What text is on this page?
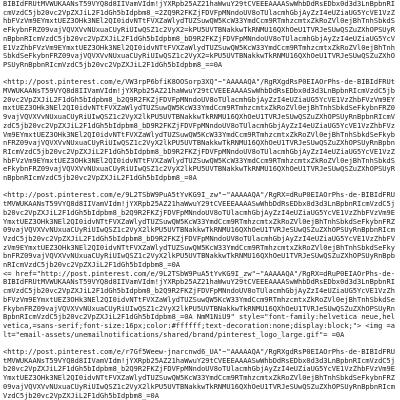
BIBIdFRUtMVWUKAANsT59VYQ8d8IIVamVIdm!jYXRpb25AZ21haWwuY29tCVEEEAAAASwWhbDdRsEDbx0d3d3LnBpbnRIcmVzdC5jb20vc2VpZXJiL2F1dGh5bIdpbm8_=2ZQ9R2FKZjFDVFpMNndoUV8oTUlacmhGbjAyZzI4eUZiaUG5YcVE1VzZhbFVzVm9EYmxtUEZ3OHk3NEl2QI0idvNTtFVXZaWlydTUZSuwQW5KcW33YmdCcm9RTmhzcmtxZkRoZVl0ejBhTnhSbkdSeFkybnFRZ09vajVQVXVvNUxuaCUyRiUIwQSZ1c2VyX2=kPU5UVTBNakkwTkRNMU16QXhOeU1TVRJeSUwQSZuZXhOPSUyRnBpbnRIcmVzdC5jb20vc2VpZXJiL2F1dGh5bIdpbm8_bD9R2FKZjFDVFpMNndoUV8oTUlacmhGbjAyZzI4eUZiaUG5YcVE1VzZhbFVzVm9EYmxtUEZ3OHk3NEl2QI0idvNTtFVXZaWlydTUZSuwQW5KcW33YmdCcm9RTmhzcmtxZkRoZVl0ejBhTnhSbkdSeFkybnFRZ09vajVQVXVvNUxuaCUyRiUIwQSZ1c2VyX2=kPU5UVTBNakkwTkRNMU16QXhOeU1TVRJeSUwQSZuZXhOPSUyRnBpbnRIcmVzdC5jb20vc2VpZXJiL2F1dGh5bIdpbm8_==0A
<http://post.pinterest.com/e/VW3rpP6bfiK8OOSorp3XQ"~"AAAAAQA"/RgRXgdRsP0EIAOrPhs-de-BIBIdFRUtMVWUKAANsT59VYQ8d8IIVamVIdm!jYXRpb25AZ21haWwuY29tCVEEEAAAASwWhbDdRsEDbx0d3d3LnBpbnRIcmVzdC5jb20vc2VpZXJiL2F1dGh5bIdpbm8_b2Q9R2FKZjFDVFpMNndoUV8oTUlacmhGbjAyZzI4eUZiaUG5YcVE1VzZhbFVzVm9EYmxtUEZ3OHk3NEl2QI0idvNTtFVXZaWlydTUZSuwQW5KcW33YmdCcm9RTmhzcmtxZkRoZVl0ejBhTnhSbkdSeFkybnFRZ09vajVQVXVvNUxuaCUyRiUIwQSZ1c2VyX2lkPU5UVTBNakkwTkRNMU16QXhOeU1TVRJeSUwQSZuZXhOPSUyRnBpbnRIcmVzdC5jb20vc2VpZXJiL2F1dGh5bIdpbm8_bD9R2FKZjFDVFpMNndoUV8oTUlacmhGbjAyZzI4eUZiaUG5YcVE1VzZhbFVzVm9EYmxtUEZ3OHk3NEl2QI0idvNTtFVXZaWlydTUZSuwQW5KcW33YmdCcm9RTmhzcmtxZkRoZVl0ejBhTnhSbkdSeFkybnFRZ09vajVQVXVvNUxuaCUyRiUIwQSZ1c2VyX2lkPU5UVTBNakkwTkRNMU16QXhOeU1TVRJeSUwQSZuZXhOPSUyRnBpbnRIcmVzdC5jb20vc2VpZXJiL2F1dGh5bIdpbm8_bD9R2FKZjFDVFpMNndoUV8oTUlacmhGbjAyZzI4eUZiaUG5YcVE1VzZhbFVzVm9EYmxtUEZ3OHk3NEl2QI0idvNTtFVXZaWlydTUZSuwQW5KcW33YmdCcm9RTmhzcmtxZkRoZVl0ejBhTnhSbkdSeFkybnFRZ09vajVQVXVvNUxuaCUyRiUIwQSZ1c2VyX2lkPU5UVTBNakkwTkRNMU16QXhOeU1TVRJeSUwQSZuZXhOPSUyRnBpbnRIcmVzdC5jb20vc2VpZXJiL2F1dGh5bIdpbm8_=0A
<http://post.pinterest.com/e/9L2TSbW9PuA5tYvKG9I_zw"~"AAAAAQA"/RgRX=dRuP0EIAOrPhs-de-BIBIdFRUtMVWUKAANsT59VYQ8d8IIVamVIdm!jYXRpb25AZ21haWwuY29tCVEEEAAAASwWhbDdRsEDbx0d3d3LnBpbnRIcmVzdC5jb20vc2VpZXJiL2F1dGh5bIdpbm8_b2Q9R2FKZjFDVFpMNndoUV8oTUlacmhGbjAyZzI4eUZiaUG5YcVE1VzZhbFVzVm9EYmxtUEZ3OHk3NEl2QI0idvNTtFVXZaWlydTUZSuwQW5KcW33YmdCcm9RTmhzcmtxZkRoZVl0ejBhTnhSbkdSeFkybnFRZ09vajVQVXVvNUxuaCUyRiUIwQSZ1c2VyX2lkPU5UVTBNakkwTkRNMU16QXhOeU1TVRJeSUwQSZuZXhOPSUyRnBpbnRIcmVzdC5jb20vc2VpZXJiL2F1dGh5bIdpbm8_bD9R2FKZjFDVFpMNndoUV8oTUlacmhGbjAyZzI4eUZiaUG5YcVE1VzZhbFVzVm9EYmxtUEZ3OHk3NEl2QI0idvNTtFVXZaWlydTUZSuwQW5KcW33YmdCcm9RTmhzcmtxZkRoZVl0ejBhTnhSbkdSeFkybnFRZ09vajVQVXVvNUxuaCUyRiUIwQSZ1c2VyX2lkPU5UVTBNakkwTkRNMU16QXhOeU1TVRJeSUwQSZuZXhOPSUyRnBpbnRIcmVzdC5jb20vc2VpZXJiL2F1dGh5bIdpbm8_=0A
<= href="http://post.pinterest.com/e/9L2TSbW9PuA5tYvKG9I_zw"~"AAAAAQA"/RgRX=dRuP0EIAOrPhs-de-BIBIdFRUtMVWUKAANsT59VYQ8d8IIVamVIdm!jYXRpb25AZ21haWwuY29tCVEEEAAAASwWhbDdRsEDbx0d3d3LnBpbnRIcmVzdC5jb20vc2VpZXJiL2F1dGh5bIdpbm8_b2Q9R2FKZjFDVFpMNndoUV8oTUlacmhGbjAyZzI4eUZiaUG5YcVE1VzZhbFVzVm9EYmxtUEZ3OHk3NEl2QI0idvNTtFVXZaWlydTUZSuwQW5KcW33YmdCcm9RTmhzcmtxZkRoZVl0ejBhTnhSbkdSeFkybnFRZ09vajVQVXVvNUxuaCUyRiUIwQSZ1c2VyX2lkPU5UVTBNakkwTkRNMU16QXhOeU1TVRJeSUwQSZuZXhOPSUyRnBpbnRIcmVzdC5jb20vc2VpZXJiL2F1dGh5bIdpbm8_=0A NmM1NiU9" style="font-family:helvetica neue,helvetica,=sans-serif;font-size:16px;color:#ffffff;text-decoration:none;display:block;"> <img =alt="email-assets/unemailnotifications/shared/brand/pinterest_logo_large.gif"= =0A
<http://post.pinterest.com/e/r7Gf5Weew-jnarcnwd6_UA"~"AAAAAQA"/RgRXgdRsP0EIAOrPhs-de-BIBIdFRUtMVWUKAANsT59VYQ8d8IIVamVIdm!jYXRpb25AZ21haWwuY29tCVEEEAAAASwWhbDdRsEDbx0d3d3LnBpbnRIcmVzdC5jb20vc2VpZXJiL2F1dGh5bIdpbm8_b2Q9R2FKZjFDVFpMNndoUV8oTUlacmhGbjAyZzI4eUZiaUG5YcVE1VzZhbFVzVm9EYmxtUEZ3OHk3NEl2QI0idvNTtFVXZaWlydTUZSuwQW5KcW33YmdCcm9RTmhzcmtxZkRoZVl0ejBhTnhSbkdSeFkybnFRZ09vajVQVXVvNUxuaCUyRiUIwQSZ1c2VyX2lkPU5UVTBNakkwTkRNMU16QXhOeU1TVRJeSUwQSZuZXhOPSUyRnBpbnRIcmVzdC5jb20vc2VpZXJiL2F1dGh5bIdpbm8_=0A
